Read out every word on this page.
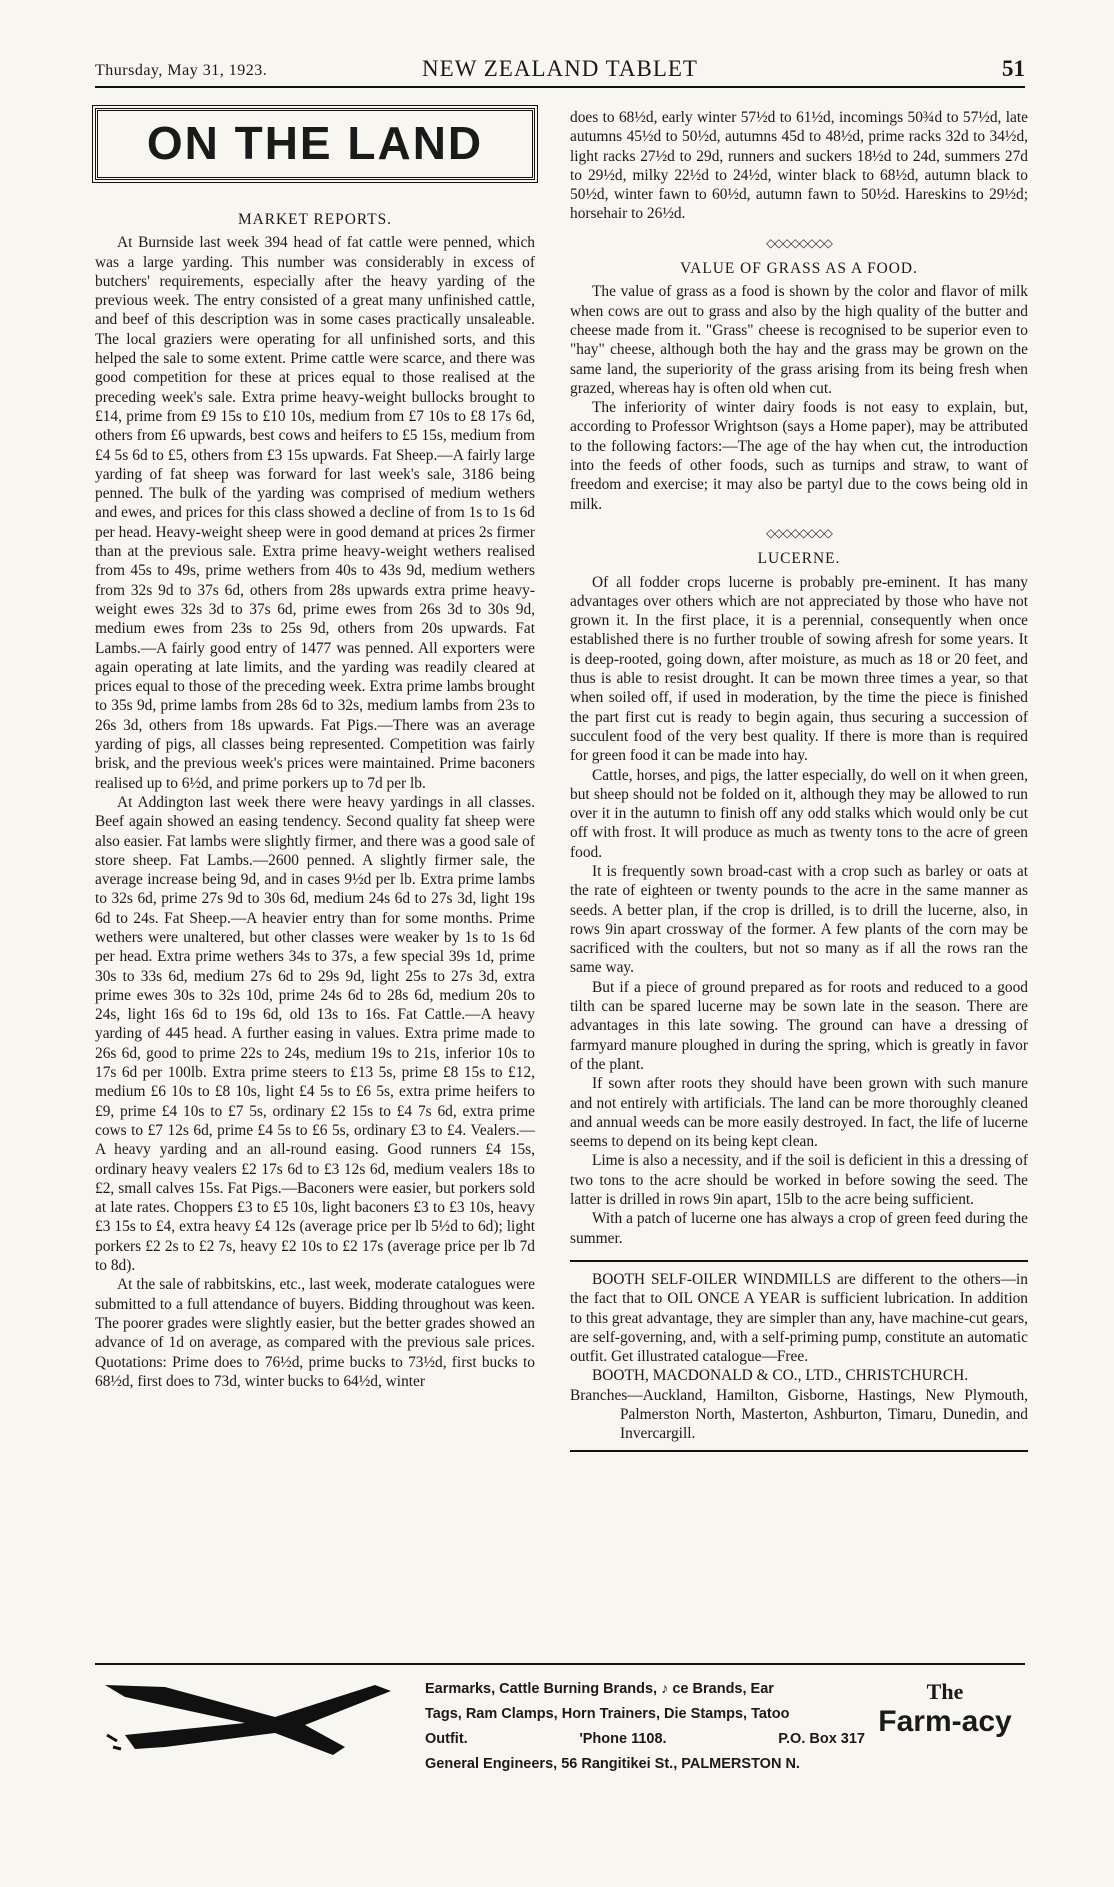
Thursday, May 31, 1923.	NEW ZEALAND TABLET	51
ON THE LAND
MARKET REPORTS.

At Burnside last week 394 head of fat cattle were penned, which was a large yarding. This number was considerably in excess of butchers' requirements, especially after the heavy yarding of the previous week. The entry consisted of a great many unfinished cattle, and beef of this description was in some cases practically unsaleable. The local graziers were operating for all unfinished sorts, and this helped the sale to some extent. Prime cattle were scarce, and there was good competition for these at prices equal to those realised at the preceding week's sale. Extra prime heavy-weight bullocks brought to £14, prime from £9 15s to £10 10s, medium from £7 10s to £8 17s 6d, others from £6 upwards, best cows and heifers to £5 15s, medium from £4 5s 6d to £5, others from £3 15s upwards. Fat Sheep.—A fairly large yarding of fat sheep was forward for last week's sale, 3186 being penned. The bulk of the yarding was comprised of medium wethers and ewes, and prices for this class showed a decline of from 1s to 1s 6d per head. Heavy-weight sheep were in good demand at prices 2s firmer than at the previous sale. Extra prime heavy-weight wethers realised from 45s to 49s, prime wethers from 40s to 43s 9d, medium wethers from 32s 9d to 37s 6d, others from 28s upwards extra prime heavy-weight ewes 32s 3d to 37s 6d, prime ewes from 26s 3d to 30s 9d, medium ewes from 23s to 25s 9d, others from 20s upwards. Fat Lambs.—A fairly good entry of 1477 was penned. All exporters were again operating at late limits, and the yarding was readily cleared at prices equal to those of the preceding week. Extra prime lambs brought to 35s 9d, prime lambs from 28s 6d to 32s, medium lambs from 23s to 26s 3d, others from 18s upwards. Fat Pigs.—There was an average yarding of pigs, all classes being represented. Competition was fairly brisk, and the previous week's prices were maintained. Prime baconers realised up to 6½d, and prime porkers up to 7d per lb.

At Addington last week there were heavy yardings in all classes. Beef again showed an easing tendency. Second quality fat sheep were also easier. Fat lambs were slightly firmer, and there was a good sale of store sheep. Fat Lambs.—2600 penned. A slightly firmer sale, the average increase being 9d, and in cases 9½d per lb. Extra prime lambs to 32s 6d, prime 27s 9d to 30s 6d, medium 24s 6d to 27s 3d, light 19s 6d to 24s. Fat Sheep.—A heavier entry than for some months. Prime wethers were unaltered, but other classes were weaker by 1s to 1s 6d per head. Extra prime wethers 34s to 37s, a few special 39s 1d, prime 30s to 33s 6d, medium 27s 6d to 29s 9d, light 25s to 27s 3d, extra prime ewes 30s to 32s 10d, prime 24s 6d to 28s 6d, medium 20s to 24s, light 16s 6d to 19s 6d, old 13s to 16s. Fat Cattle.—A heavy yarding of 445 head. A further easing in values. Extra prime made to 26s 6d, good to prime 22s to 24s, medium 19s to 21s, inferior 10s to 17s 6d per 100lb. Extra prime steers to £13 5s, prime £8 15s to £12, medium £6 10s to £8 10s, light £4 5s to £6 5s, extra prime heifers to £9, prime £4 10s to £7 5s, ordinary £2 15s to £4 7s 6d, extra prime cows to £7 12s 6d, prime £4 5s to £6 5s, ordinary £3 to £4. Vealers.—A heavy yarding and an all-round easing. Good runners £4 15s, ordinary heavy vealers £2 17s 6d to £3 12s 6d, medium vealers 18s to £2, small calves 15s. Fat Pigs.—Baconers were easier, but porkers sold at late rates. Choppers £3 to £5 10s, light baconers £3 to £3 10s, heavy £3 15s to £4, extra heavy £4 12s (average price per lb 5½d to 6d); light porkers £2 2s to £2 7s, heavy £2 10s to £2 17s (average price per lb 7d to 8d).

At the sale of rabbitskins, etc., last week, moderate catalogues were submitted to a full attendance of buyers. Bidding throughout was keen. The poorer grades were slightly easier, but the better grades showed an advance of 1d on average, as compared with the previous sale prices. Quotations: Prime does to 76½d, prime bucks to 73½d, first bucks to 68½d, first does to 73d, winter bucks to 64½d, winter

does to 68½d, early winter 57½d to 61½d, incomings 50¾d to 57½d, late autumns 45½d to 50½d, autumns 45d to 48½d, prime racks 32d to 34½d, light racks 27½d to 29d, runners and suckers 18½d to 24d, summers 27d to 29½d, milky 22½d to 24½d, winter black to 68½d, autumn black to 50½d, winter fawn to 60½d, autumn fawn to 50½d. Hareskins to 29½d; horsehair to 26½d.

◇◇◇◇◇◇◇◇
VALUE OF GRASS AS A FOOD.

The value of grass as a food is shown by the color and flavor of milk when cows are out to grass and also by the high quality of the butter and cheese made from it. "Grass" cheese is recognised to be superior even to "hay" cheese, although both the hay and the grass may be grown on the same land, the superiority of the grass arising from its being fresh when grazed, whereas hay is often old when cut.

The inferiority of winter dairy foods is not easy to explain, but, according to Professor Wrightson (says a Home paper), may be attributed to the following factors:—The age of the hay when cut, the introduction into the feeds of other foods, such as turnips and straw, to want of freedom and exercise; it may also be partyl due to the cows being old in milk.

◇◇◇◇◇◇◇◇
LUCERNE.

Of all fodder crops lucerne is probably pre-eminent. It has many advantages over others which are not appreciated by those who have not grown it. In the first place, it is a perennial, consequently when once established there is no further trouble of sowing afresh for some years. It is deep-rooted, going down, after moisture, as much as 18 or 20 feet, and thus is able to resist drought. It can be mown three times a year, so that when soiled off, if used in moderation, by the time the piece is finished the part first cut is ready to begin again, thus securing a succession of succulent food of the very best quality. If there is more than is required for green food it can be made into hay.

Cattle, horses, and pigs, the latter especially, do well on it when green, but sheep should not be folded on it, although they may be allowed to run over it in the autumn to finish off any odd stalks which would only be cut off with frost. It will produce as much as twenty tons to the acre of green food.

It is frequently sown broad-cast with a crop such as barley or oats at the rate of eighteen or twenty pounds to the acre in the same manner as seeds. A better plan, if the crop is drilled, is to drill the lucerne, also, in rows 9in apart crossway of the former. A few plants of the corn may be sacrificed with the coulters, but not so many as if all the rows ran the same way.

But if a piece of ground prepared as for roots and reduced to a good tilth can be spared lucerne may be sown late in the season. There are advantages in this late sowing. The ground can have a dressing of farmyard manure ploughed in during the spring, which is greatly in favor of the plant.

If sown after roots they should have been grown with such manure and not entirely with artificials. The land can be more thoroughly cleaned and annual weeds can be more easily destroyed. In fact, the life of lucerne seems to depend on its being kept clean.

Lime is also a necessity, and if the soil is deficient in this a dressing of two tons to the acre should be worked in before sowing the seed. The latter is drilled in rows 9in apart, 15lb to the acre being sufficient.

With a patch of lucerne one has always a crop of green feed during the summer.

BOOTH SELF-OILER WINDMILLS are different to the others—in the fact that to OIL ONCE A YEAR is sufficient lubrication. In addition to this great advantage, they are simpler than any, have machine-cut gears, are self-governing, and, with a self-priming pump, constitute an automatic outfit. Get illustrated catalogue—Free.

BOOTH, MACDONALD & CO., LTD., CHRISTCHURCH.

Branches—Auckland, Hamilton, Gisborne, Hastings, New Plymouth, Palmerston North, Masterton, Ashburton, Timaru, Dunedin, and Invercargill.

Earmarks, Cattle Burning Brands, ♪ ce Brands, Ear
Tags, Ram Clamps, Horn Trainers, Die Stamps, Tatoo
Outfit.	'Phone 1108.	P.O. Box 317
General Engineers, 56 Rangitikei St., PALMERSTON N.
The
Farm-acy
